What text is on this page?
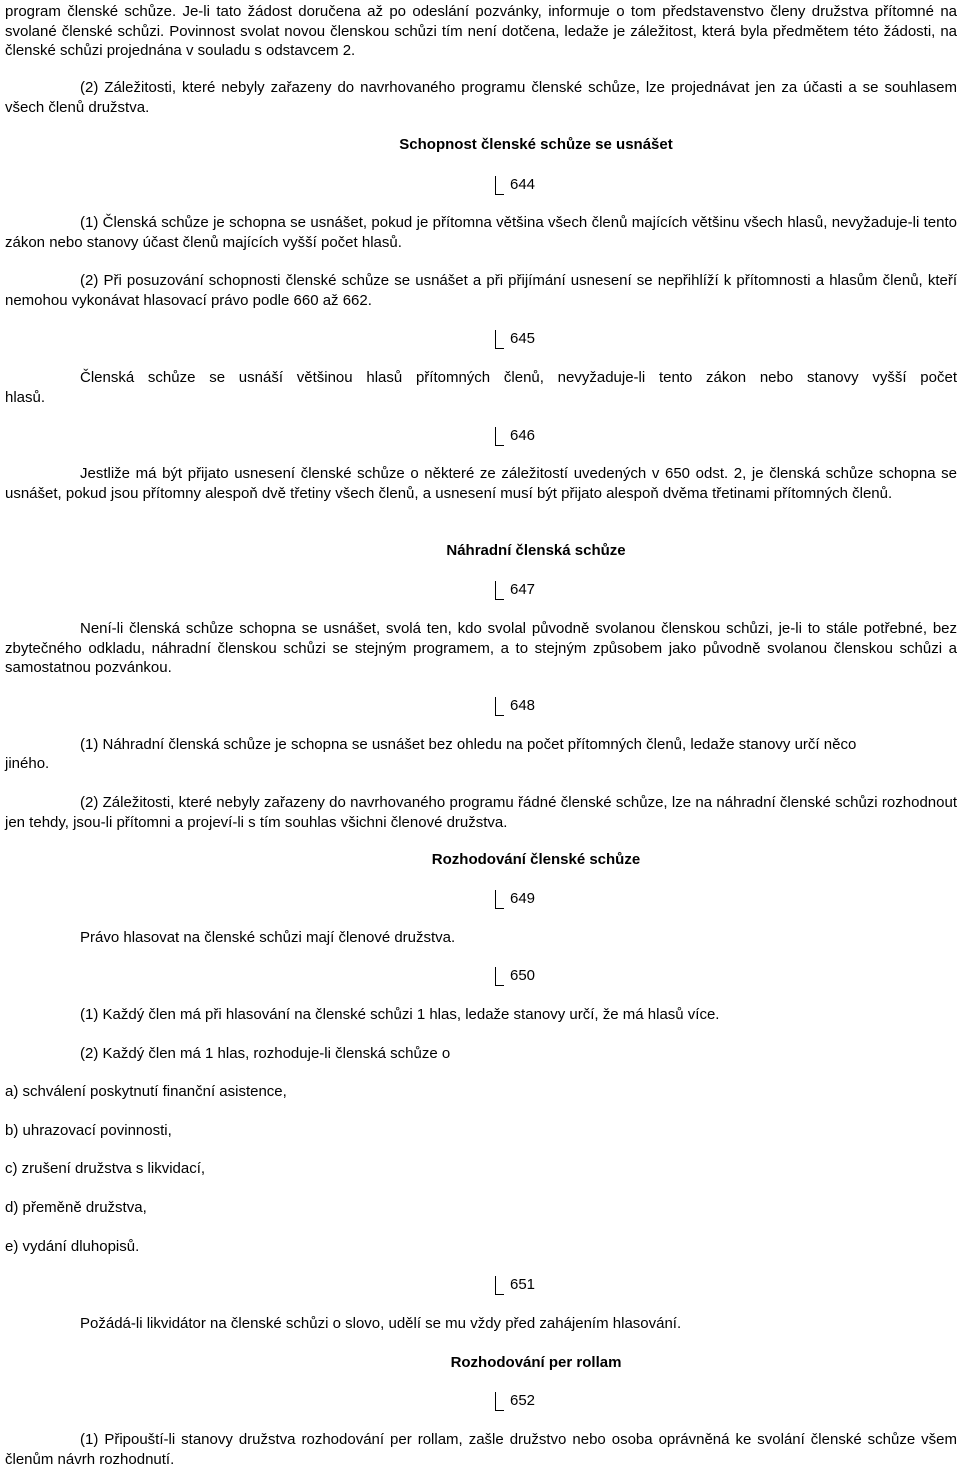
program členské schůze. Je-li tato žádost doručena až po odeslání pozvánky, informuje o tom představenstvo členy družstva přítomné na svolané členské schůzi. Povinnost svolat novou členskou schůzi tím není dotčena, ledaže je záležitost, která byla předmětem této žádosti, na členské schůzi projednána v souladu s odstavcem 2.

(2) Záležitosti, které nebyly zařazeny do navrhovaného programu členské schůze, lze projednávat jen za účasti a se souhlasem všech členů družstva.

Schopnost členské schůze se usnášet

644

(1) Členská schůze je schopna se usnášet, pokud je přítomna většina všech členů majících většinu všech hlasů, nevyžaduje-li tento zákon nebo stanovy účast členů majících vyšší počet hlasů.

(2) Při posuzování schopnosti členské schůze se usnášet a při přijímání usnesení se nepřihlíží k přítomnosti a hlasům členů, kteří nemohou vykonávat hlasovací právo podle 660 až 662.

645

Členská schůze se usnáší většinou hlasů přítomných členů, nevyžaduje-li tento zákon nebo stanovy vyšší počet

hlasů.

646

Jestliže má být přijato usnesení členské schůze o některé ze záležitostí uvedených v 650 odst. 2, je členská schůze schopna se usnášet, pokud jsou přítomny alespoň dvě třetiny všech členů, a usnesení musí být přijato alespoň dvěma třetinami přítomných členů.

Náhradní členská schůze

647

Není-li členská schůze schopna se usnášet, svolá ten, kdo svolal původně svolanou členskou schůzi, je-li to stále potřebné, bez zbytečného odkladu, náhradní členskou schůzi se stejným programem, a to stejným způsobem jako původně svolanou členskou schůzi a samostatnou pozvánkou.

648

(1) Náhradní členská schůze je schopna se usnášet bez ohledu na počet přítomných členů, ledaže stanovy určí něco

jiného.

(2) Záležitosti, které nebyly zařazeny do navrhovaného programu řádné členské schůze, lze na náhradní členské schůzi rozhodnout jen tehdy, jsou-li přítomni a projeví-li s tím souhlas všichni členové družstva.

Rozhodování členské schůze

649

Právo hlasovat na členské schůzi mají členové družstva.

650

(1) Každý člen má při hlasování na členské schůzi 1 hlas, ledaže stanovy určí, že má hlasů více.

(2) Každý člen má 1 hlas, rozhoduje-li členská schůze o

a) schválení poskytnutí finanční asistence,

b) uhrazovací povinnosti,

c) zrušení družstva s likvidací,

d) přeměně družstva,

e) vydání dluhopisů.

651

Požádá-li likvidátor na členské schůzi o slovo, udělí se mu vždy před zahájením hlasování.

Rozhodování per rollam

652

(1) Připouští-li stanovy družstva rozhodování per rollam, zašle družstvo nebo osoba oprávněná ke svolání členské schůze všem členům návrh rozhodnutí.
